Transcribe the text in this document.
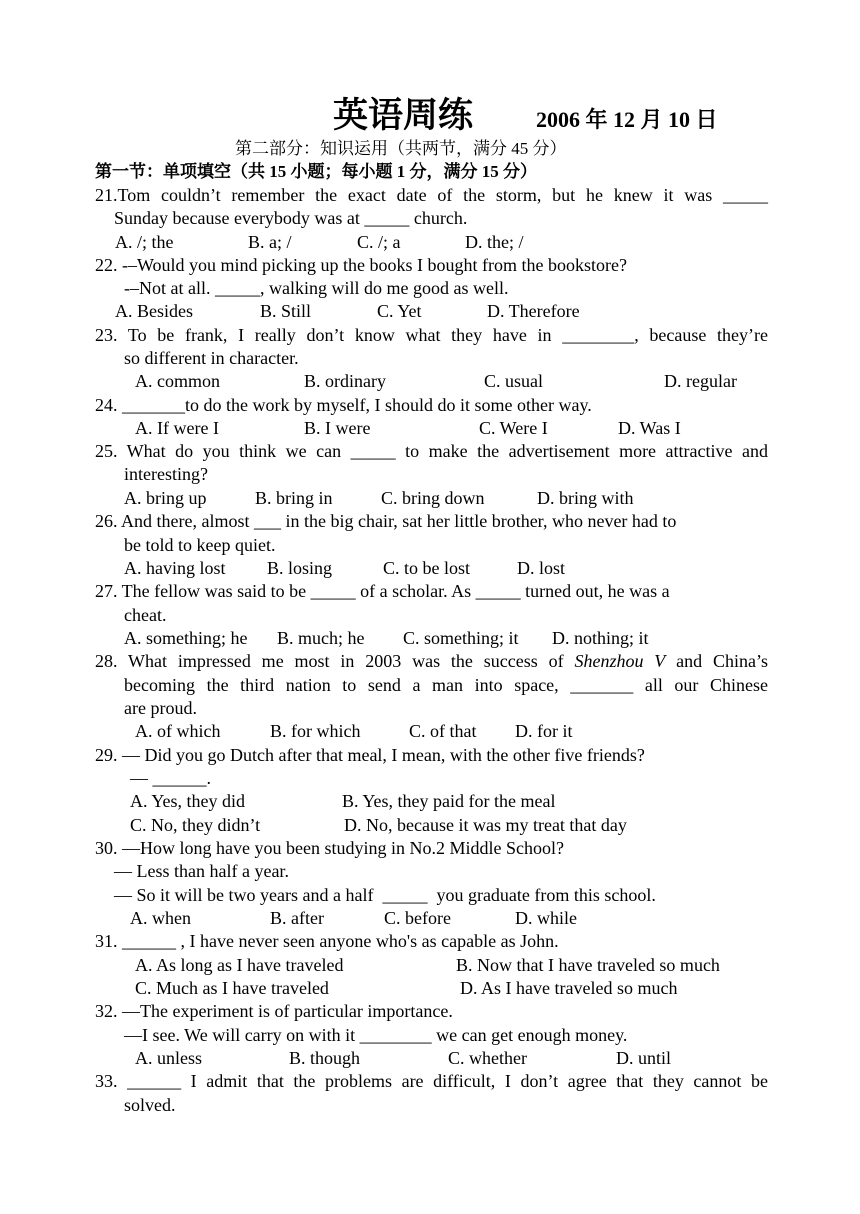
英语周练	2006 年 12 月 10 日
第二部分：知识运用（共两节，满分 45 分）
第一节：单项填空（共 15 小题；每小题 1 分，满分 15 分）
21.Tom couldn’t remember the exact date of the storm, but he knew it was _____
Sunday because everybody was at _____ church.
A. /; the	B. a; /	C. /; a	D. the; /
22. -–Would you mind picking up the books I bought from the bookstore?
-–Not at all. _____, walking will do me good as well.
A. Besides	B. Still	C. Yet	D. Therefore
23. To be frank, I really don’t know what they have in ________, because they’re
so different in character.
A. common	B. ordinary	C. usual	D. regular
24. _______to do the work by myself, I should do it some other way.
A. If were I	B. I were	C. Were I	D. Was I
25. What do you think we can _____ to make the advertisement more attractive and
interesting?
A. bring up	B. bring in	C. bring down	D. bring with
26. And there, almost ___ in the big chair, sat her little brother, who never had to
be told to keep quiet.
A. having lost B. losing	C. to be lost	D. lost
27. The fellow was said to be _____ of a scholar. As _____ turned out, he was a
cheat.
A. something; he B. much; he C. something; it D. nothing; it
28. What impressed me most in 2003 was the success of Shenzhou V and China’s
becoming the third nation to send a man into space, _______ all our Chinese
are proud.
A. of which	B. for which	C. of that D. for it
29. — Did you go Dutch after that meal, I mean, with the other five friends?
— ______.
A. Yes, they did	B. Yes, they paid for the meal
C. No, they didn’t	D. No, because it was my treat that day
30. —How long have you been studying in No.2 Middle School?
— Less than half a year.
— So it will be two years and a half  _____  you graduate from this school.
A. when	B. after	C. before	D. while
31. ______ , I have never seen anyone who's as capable as John.
A. As long as I have traveled	B. Now that I have traveled so much
C. Much as I have traveled	D. As I have traveled so much
32. —The experiment is of particular importance.
—I see. We will carry on with it ________ we can get enough money.
A. unless	B. though	C. whether	D. until
33. ______ I admit that the problems are difficult, I don’t agree that they cannot be
solved.
